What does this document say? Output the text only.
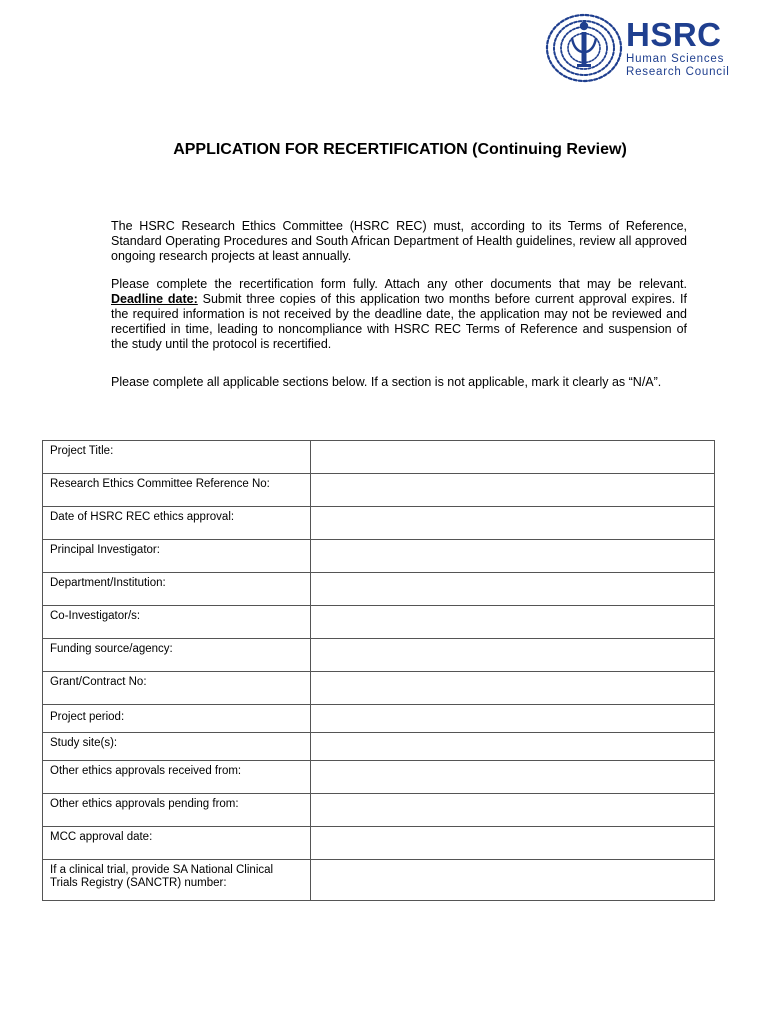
HSRC
Human Sciences
Research Council
APPLICATION FOR RECERTIFICATION (Continuing Review)

The HSRC Research Ethics Committee (HSRC REC) must, according to its Terms of Reference, Standard Operating Procedures and South African Department of Health guidelines, review all approved ongoing research projects at least annually.

Please complete the recertification form fully. Attach any other documents that may be relevant. Deadline date: Submit three copies of this application two months before current approval expires. If the required information is not received by the deadline date, the application may not be reviewed and recertified in time, leading to noncompliance with HSRC REC Terms of Reference and suspension of the study until the protocol is recertified.

Please complete all applicable sections below. If a section is not applicable, mark it clearly as “N/A”.

Project Title:	
Research Ethics Committee Reference No:	
Date of HSRC REC ethics approval:	
Principal Investigator:	
Department/Institution:	
Co-Investigator/s:	
Funding source/agency:	
Grant/Contract No:	
Project period:	
Study site(s):	
Other ethics approvals received from:	
Other ethics approvals pending from:	
MCC approval date:	
If a clinical trial, provide SA National Clinical Trials Registry (SANCTR) number:	
